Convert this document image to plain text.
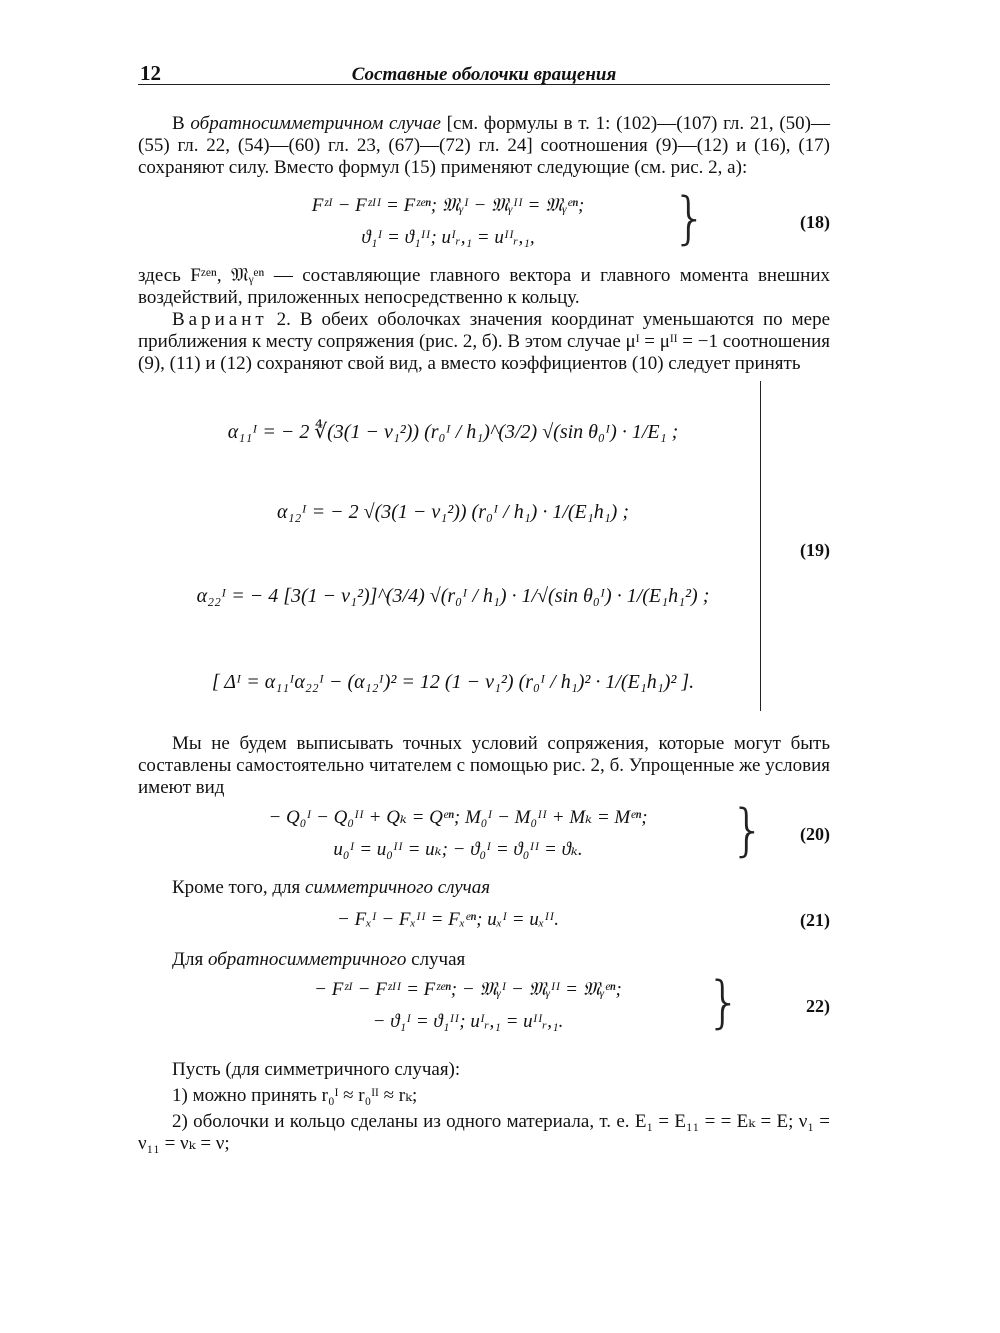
12	Составные оболочки вращения

В обратносимметричном случае [см. формулы в т. 1: (102)—(107) гл. 21, (50)—(55) гл. 22, (54)—(60) гл. 23, (67)—(72) гл. 24] соотношения (9)—(12) и (16), (17) сохраняют силу. Вместо формул (15) применяют следующие (см. рис. 2, а):

Fᶻᴵ − Fᶻᴵᴵ = Fᶻᵉⁿ; 𝔐ᵧᴵ − 𝔐ᵧᴵᴵ = 𝔐ᵧᵉⁿ;
ϑ₁ᴵ = ϑ₁ᴵᴵ; uᴵᵣ,₁ = uᴵᴵᵣ,₁,	}	(18)

здесь Fᶻᵉⁿ, 𝔐ᵧᵉⁿ — составляющие главного вектора и главного момента внешних воздействий, приложенных непосредственно к кольцу.

Вариант 2. В обеих оболочках значения координат уменьшаются по мере приближения к месту сопряжения (рис. 2, б). В этом случае μᴵ = μᴵᴵ = −1 соотношения (9), (11) и (12) сохраняют свой вид, а вместо коэффициентов (10) следует принять

α₁₁ᴵ = − 2 ∜(3(1 − ν₁²)) (r₀ᴵ / h₁)^(3/2) √(sin θ₀ᴵ) · 1/E₁ ;
α₁₂ᴵ = − 2 √(3(1 − ν₁²)) (r₀ᴵ / h₁) · 1/(E₁h₁) ;
α₂₂ᴵ = − 4 [3(1 − ν₁²)]^(3/4) √(r₀ᴵ / h₁) · 1/√(sin θ₀ᴵ) · 1/(E₁h₁²) ;
[ Δᴵ = α₁₁ᴵα₂₂ᴵ − (α₁₂ᴵ)² = 12 (1 − ν₁²) (r₀ᴵ / h₁)² · 1/(E₁h₁)² ].
(19)

Мы не будем выписывать точных условий сопряжения, которые могут быть составлены самостоятельно читателем с помощью рис. 2, б. Упрощенные же условия имеют вид

− Q₀ᴵ − Q₀ᴵᴵ + Qₖ = Qᵉⁿ; M₀ᴵ − M₀ᴵᴵ + Mₖ = Mᵉⁿ;
u₀ᴵ = u₀ᴵᴵ = uₖ; − ϑ₀ᴵ = ϑ₀ᴵᴵ = ϑₖ.	} (20)

Кроме того, для симметричного случая

− Fₓᴵ − Fₓᴵᴵ = Fₓᵉⁿ; uₓᴵ = uₓᴵᴵ.	(21)

Для обратносимметричного случая

− Fᶻᴵ − Fᶻᴵᴵ = Fᶻᵉⁿ; − 𝔐ᵧᴵ − 𝔐ᵧᴵᴵ = 𝔐ᵧᵉⁿ;
− ϑ₁ᴵ = ϑ₁ᴵᴵ; uᴵᵣ,₁ = uᴵᴵᵣ,₁.	}	22)

Пусть (для симметричного случая):

1) можно принять r₀ᴵ ≈ r₀ᴵᴵ ≈ rₖ;

2) оболочки и кольцо сделаны из одного материала, т. е. E₁ = E₁₁ = = Eₖ = E; ν₁ = ν₁₁ = νₖ = ν;
